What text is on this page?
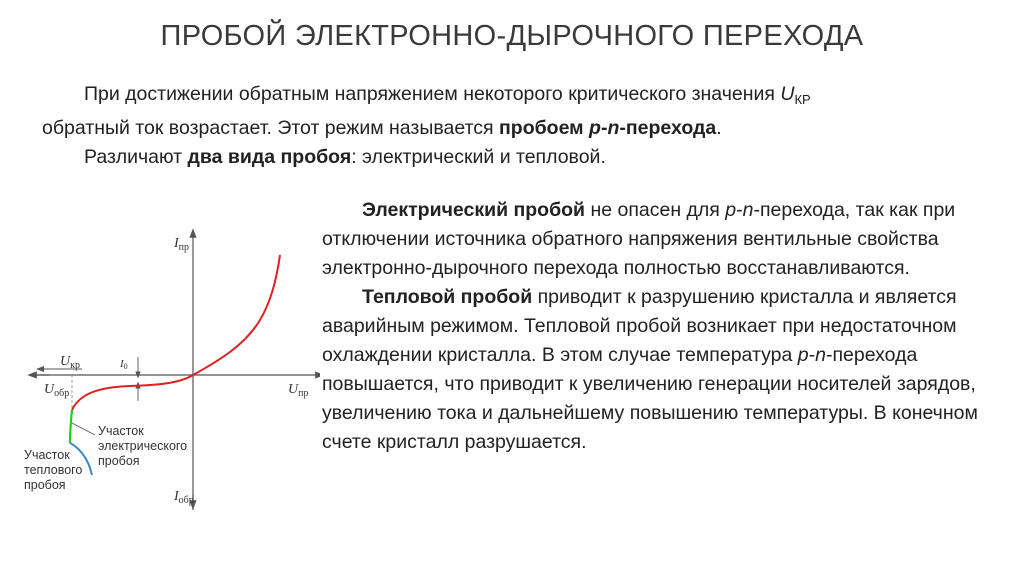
ПРОБОЙ ЭЛЕКТРОННО-ДЫРОЧНОГО ПЕРЕХОДА
При достижении обратным напряжением некоторого критического значения $U_{КР}$
обратный ток возрастает. Этот режим называется пробоем p-n-перехода.
Различают два вида пробоя: электрический и тепловой.
Электрический пробой не опасен для p-n-перехода, так как при отключении источника обратного напряжения вентильные свойства электронно-дырочного перехода полностью восстанавливаются.
Тепловой пробой приводит к разрушению кристалла и является аварийным режимом. Тепловой пробой возникает при недостаточном охлаждении кристалла. В этом случае температура p-n-перехода повышается, что приводит к увеличению генерации носителей зарядов, увеличению тока и дальнейшему повышению температуры. В конечном счете кристалл разрушается.
$I_{пр}$
$I_{обр}$
$U_{пр}$
$U_{обр}$
$U_{кр}$	I0
Участок электрического пробоя
Участок теплового пробоя
